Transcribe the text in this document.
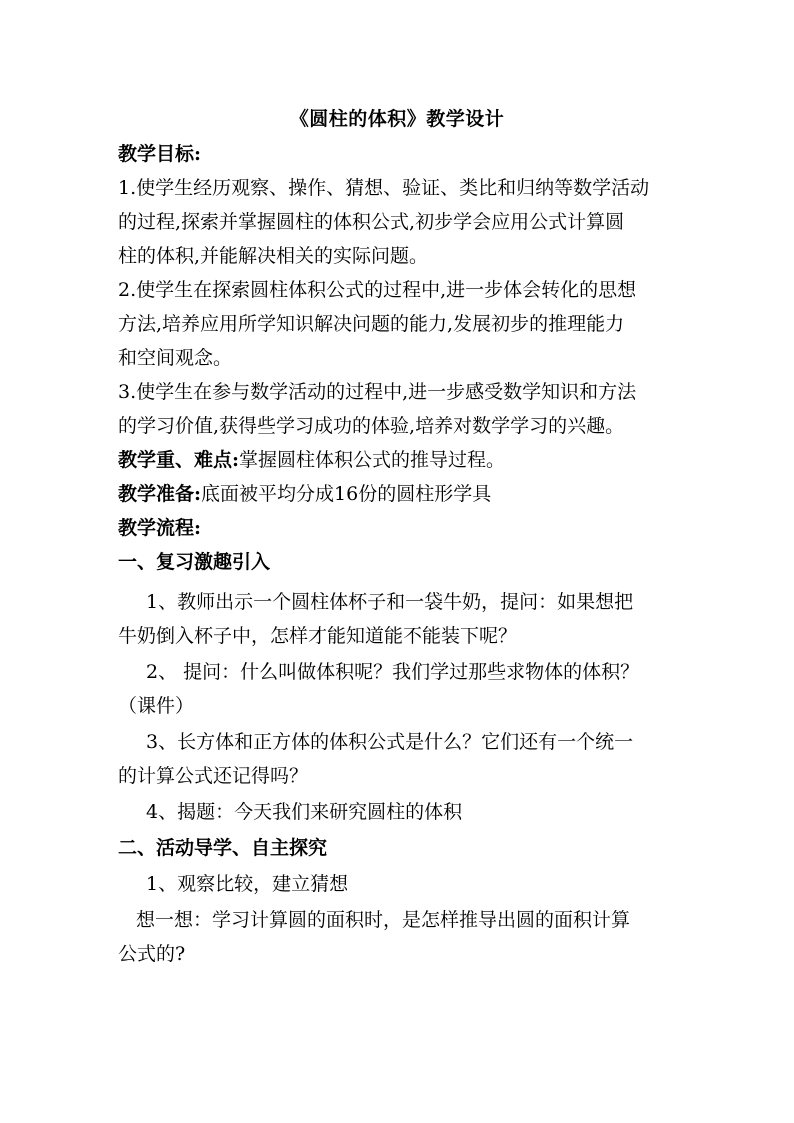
《圆柱的体积》教学设计
教学目标:
1.使学生经历观察、操作、猜想、验证、类比和归纳等数学活动
的过程,探索并掌握圆柱的体积公式,初步学会应用公式计算圆
柱的体积,并能解决相关的实际问题。
2.使学生在探索圆柱体积公式的过程中,进一步体会转化的思想
方法,培养应用所学知识解决问题的能力,发展初步的推理能力
和空间观念。
3.使学生在参与数学活动的过程中,进一步感受数学知识和方法
的学习价值,获得些学习成功的体验,培养对数学学习的兴趣。
教学重、难点:掌握圆柱体积公式的推导过程。
教学准备:底面被平均分成16份的圆柱形学具
教学流程:
一、复习激趣引入
1、教师出示一个圆柱体杯子和一袋牛奶，提问：如果想把
牛奶倒入杯子中，怎样才能知道能不能装下呢？
2、 提问：什么叫做体积呢？我们学过那些求物体的体积？
（课件）
3、长方体和正方体的体积公式是什么？它们还有一个统一
的计算公式还记得吗？
4、揭题：今天我们来研究圆柱的体积
二、活动导学、自主探究
1、观察比较，建立猜想
想一想：学习计算圆的面积时，是怎样推导出圆的面积计算
公式的?
